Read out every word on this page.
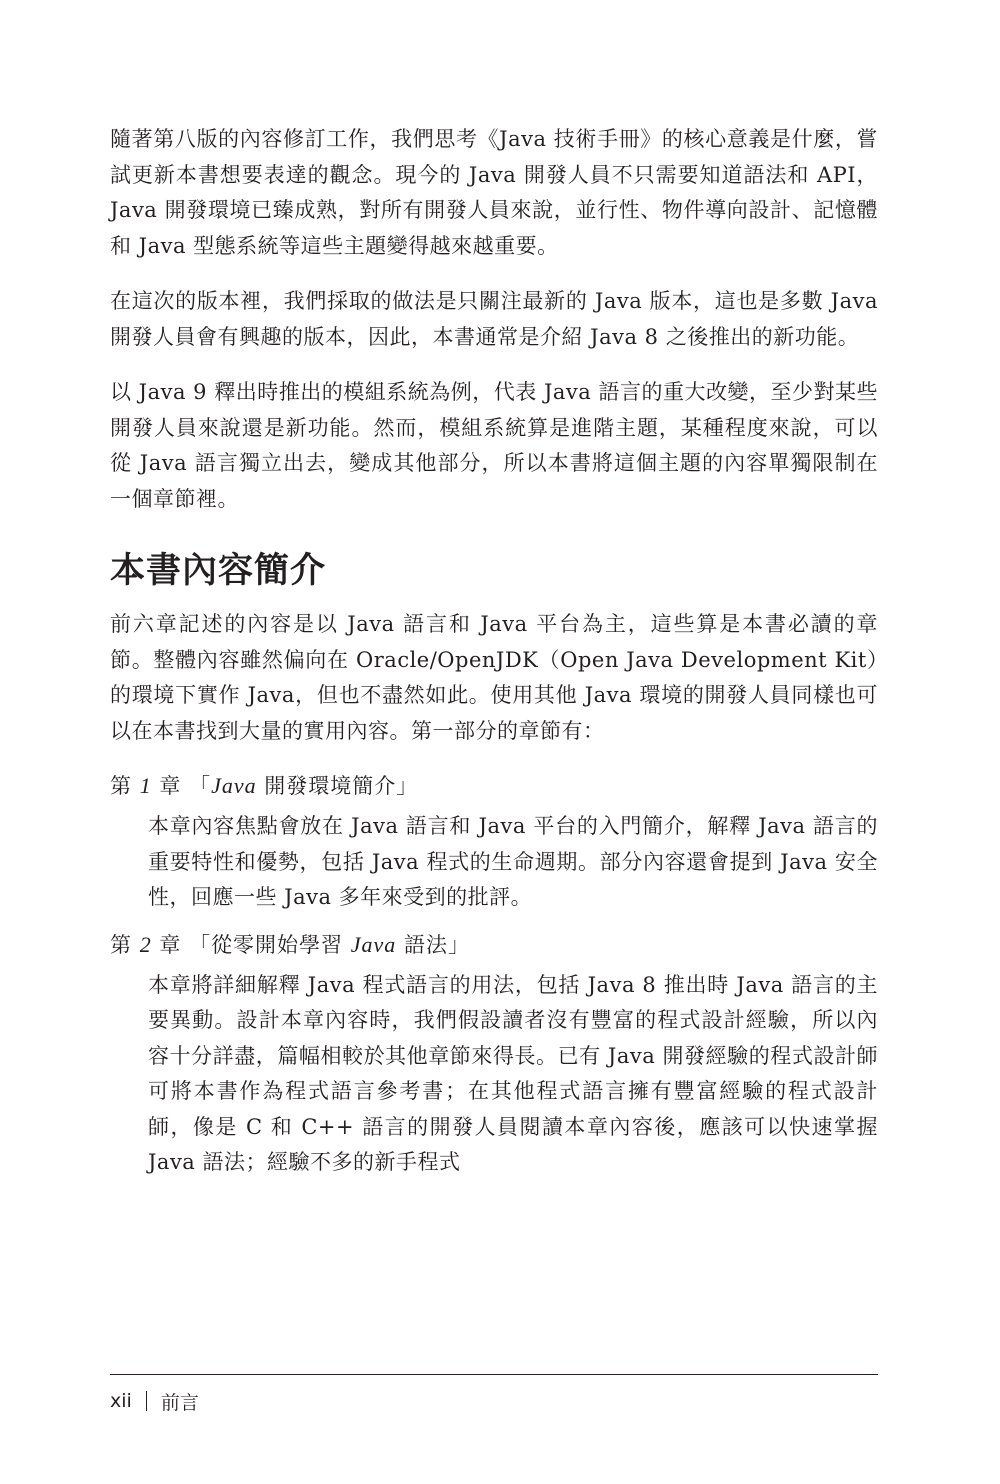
隨著第八版的內容修訂工作，我們思考《Java 技術手冊》的核心意義是什麼，嘗試更新本書想要表達的觀念。現今的 Java 開發人員不只需要知道語法和 API，Java 開發環境已臻成熟，對所有開發人員來說，並行性、物件導向設計、記憶體和 Java 型態系統等這些主題變得越來越重要。

在這次的版本裡，我們採取的做法是只關注最新的 Java 版本，這也是多數 Java 開發人員會有興趣的版本，因此，本書通常是介紹 Java 8 之後推出的新功能。

以 Java 9 釋出時推出的模組系統為例，代表 Java 語言的重大改變，至少對某些開發人員來說還是新功能。然而，模組系統算是進階主題，某種程度來說，可以從 Java 語言獨立出去，變成其他部分，所以本書將這個主題的內容單獨限制在一個章節裡。

本書內容簡介

前六章記述的內容是以 Java 語言和 Java 平台為主，這些算是本書必讀的章節。整體內容雖然偏向在 Oracle/OpenJDK（Open Java Development Kit）的環境下實作 Java，但也不盡然如此。使用其他 Java 環境的開發人員同樣也可以在本書找到大量的實用內容。第一部分的章節有：

第 1 章 「Java 開發環境簡介」

本章內容焦點會放在 Java 語言和 Java 平台的入門簡介，解釋 Java 語言的重要特性和優勢，包括 Java 程式的生命週期。部分內容還會提到 Java 安全性，回應一些 Java 多年來受到的批評。

第 2 章 「從零開始學習 Java 語法」

本章將詳細解釋 Java 程式語言的用法，包括 Java 8 推出時 Java 語言的主要異動。設計本章內容時，我們假設讀者沒有豐富的程式設計經驗，所以內容十分詳盡，篇幅相較於其他章節來得長。已有 Java 開發經驗的程式設計師可將本書作為程式語言參考書；在其他程式語言擁有豐富經驗的程式設計師，像是 C 和 C++ 語言的開發人員閱讀本章內容後，應該可以快速掌握 Java 語法；經驗不多的新手程式

xii 前言
